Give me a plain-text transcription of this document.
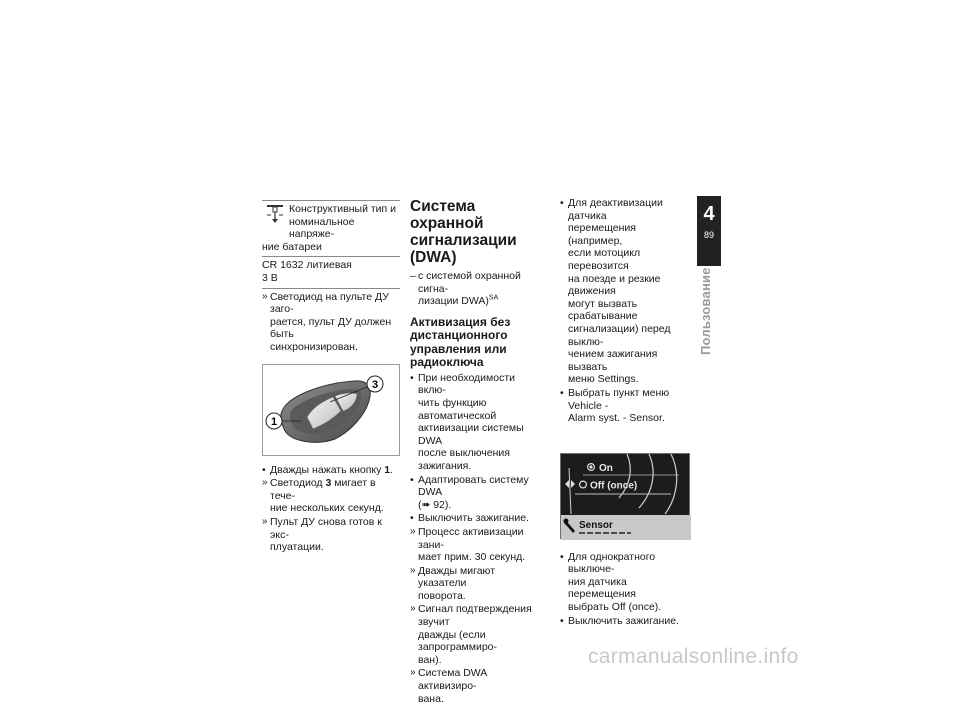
Конструктивный тип и
номинальное напряже-
ние батареи
CR 1632 литиевая
3 В
» Светодиод на пульте ДУ заго-
рается, пульт ДУ должен быть
синхронизирован.
3
1
• Дважды нажать кнопку 1.
» Светодиод 3 мигает в тече-
ние нескольких секунд.
» Пульт ДУ снова готов к экс-
плуатации.
Система охранной
сигнализации (DWA)
– с системой охранной сигна-
лизации DWA)$^{SA}$
Активизация без
дистанционного
управления или
радиоключа
• При необходимости вклю-
чить функцию автоматической
активизации системы DWA
после выключения зажигания.
• Адаптировать систему DWA
(➠ 92).
• Выключить зажигание.
» Процесс активизации зани-
мает прим. 30 секунд.
» Дважды мигают указатели
поворота.
» Сигнал подтверждения звучит
дважды (если запрограммиро-
ван).
» Система DWA активизиро-
вана.
• Для деактивизации датчика
перемещения (например,
если мотоцикл перевозится
на поезде и резкие движения
могут вызвать срабатывание
сигнализации) перед выклю-
чением зажигания вызвать
меню Settings.
• Выбрать пункт меню Vehicle -
Alarm syst. - Sensor.
On
Off (once)
Sensor
• Для однократного выключе-
ния датчика перемещения
выбрать Off (once).
• Выключить зажигание.
4
89
Пользование
carmanualsonline.info
